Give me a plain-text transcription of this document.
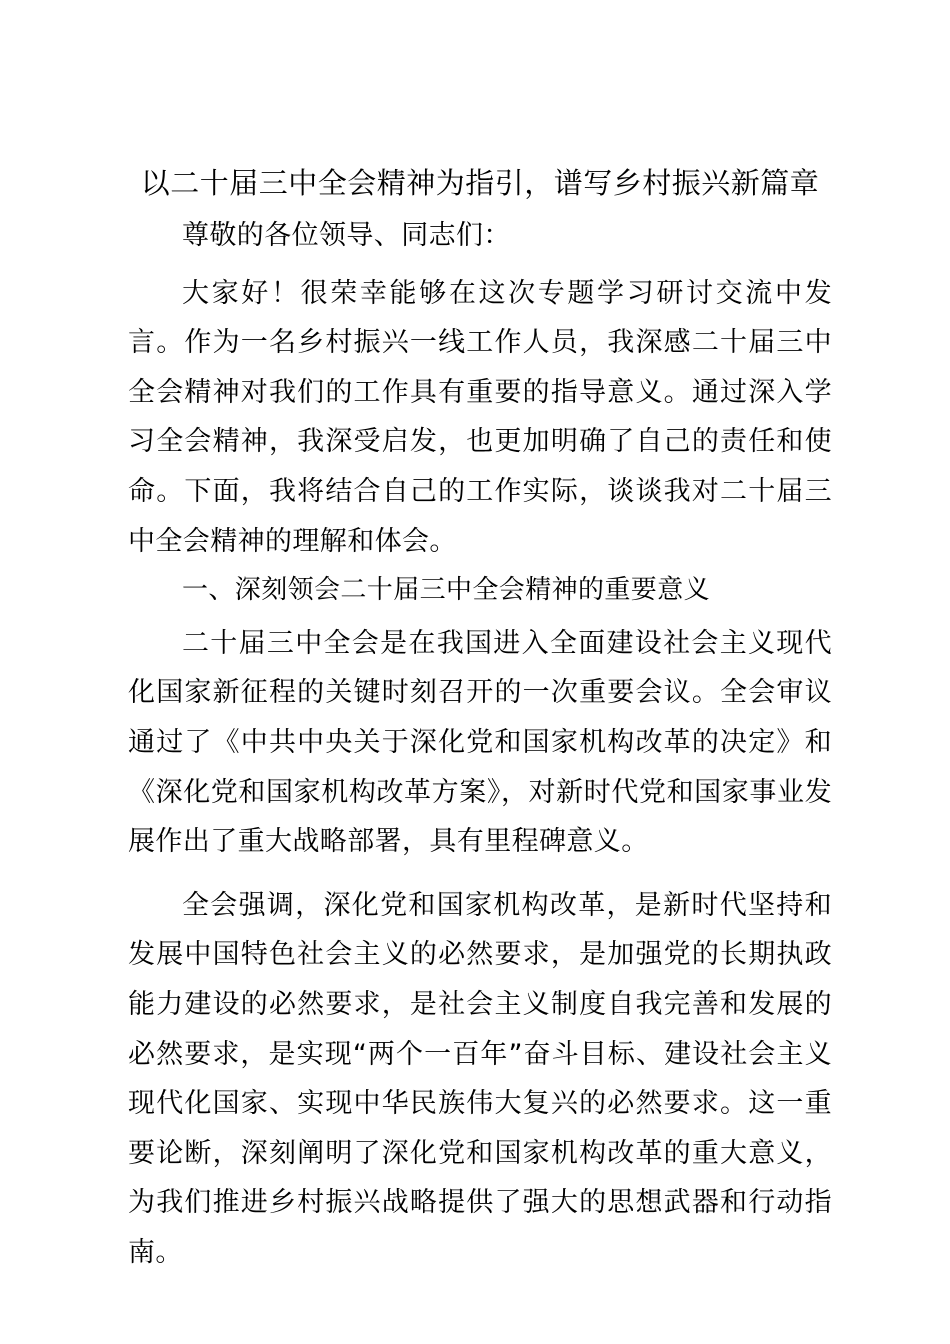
以二十届三中全会精神为指引，谱写乡村振兴新篇章

尊敬的各位领导、同志们：

大家好！很荣幸能够在这次专题学习研讨交流中发言。作为一名乡村振兴一线工作人员，我深感二十届三中全会精神对我们的工作具有重要的指导意义。通过深入学习全会精神，我深受启发，也更加明确了自己的责任和使命。下面，我将结合自己的工作实际，谈谈我对二十届三中全会精神的理解和体会。

一、深刻领会二十届三中全会精神的重要意义

二十届三中全会是在我国进入全面建设社会主义现代化国家新征程的关键时刻召开的一次重要会议。全会审议通过了《中共中央关于深化党和国家机构改革的决定》和《深化党和国家机构改革方案》，对新时代党和国家事业发展作出了重大战略部署，具有里程碑意义。

全会强调，深化党和国家机构改革，是新时代坚持和发展中国特色社会主义的必然要求，是加强党的长期执政能力建设的必然要求，是社会主义制度自我完善和发展的必然要求，是实现“两个一百年”奋斗目标、建设社会主义现代化国家、实现中华民族伟大复兴的必然要求。这一重要论断，深刻阐明了深化党和国家机构改革的重大意义，为我们推进乡村振兴战略提供了强大的思想武器和行动指南。
